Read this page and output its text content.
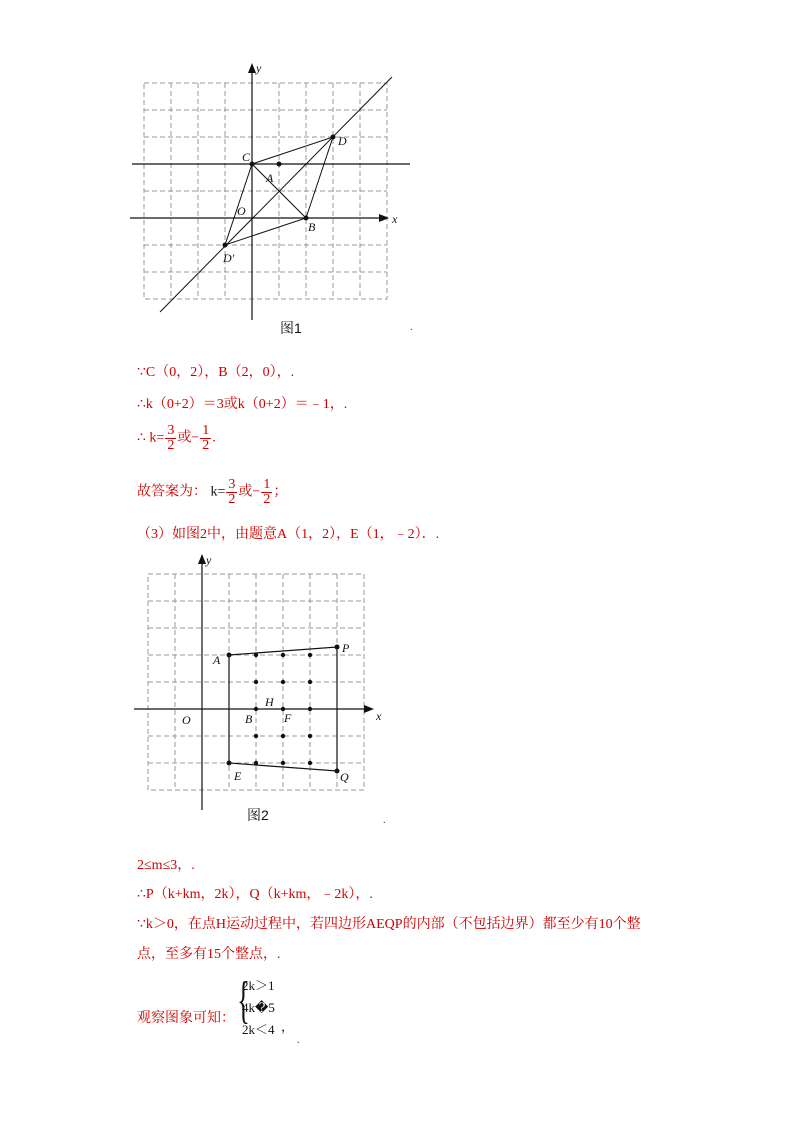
y
x
C
A
D
O
B
D′
图1	.
∵C（0，2），B（2，0），.
∴k（0+2）＝3或k（0+2）＝﹣1，.
∴ $k= \frac{3}{2}$ 或− $\frac{1}{2}$ .
故答案为： $k= \frac{3}{2}$ 或− $\frac{1}{2}$ ；
（3）如图2中，由题意A（1，2），E（1，﹣2）．.
y
x
A
P
O	B
H
F
E	Q
图2	.
2≤m≤3，.
∴P（k+km，2k），Q（k+km，﹣2k），.
∵k＞0，在点H运动过程中，若四边形AEQP的内部（不包括边界）都至少有10个整
点，至多有15个整点，.
观察图象可知： {
2k＞1
4k�5
2k＜4 ，
.
